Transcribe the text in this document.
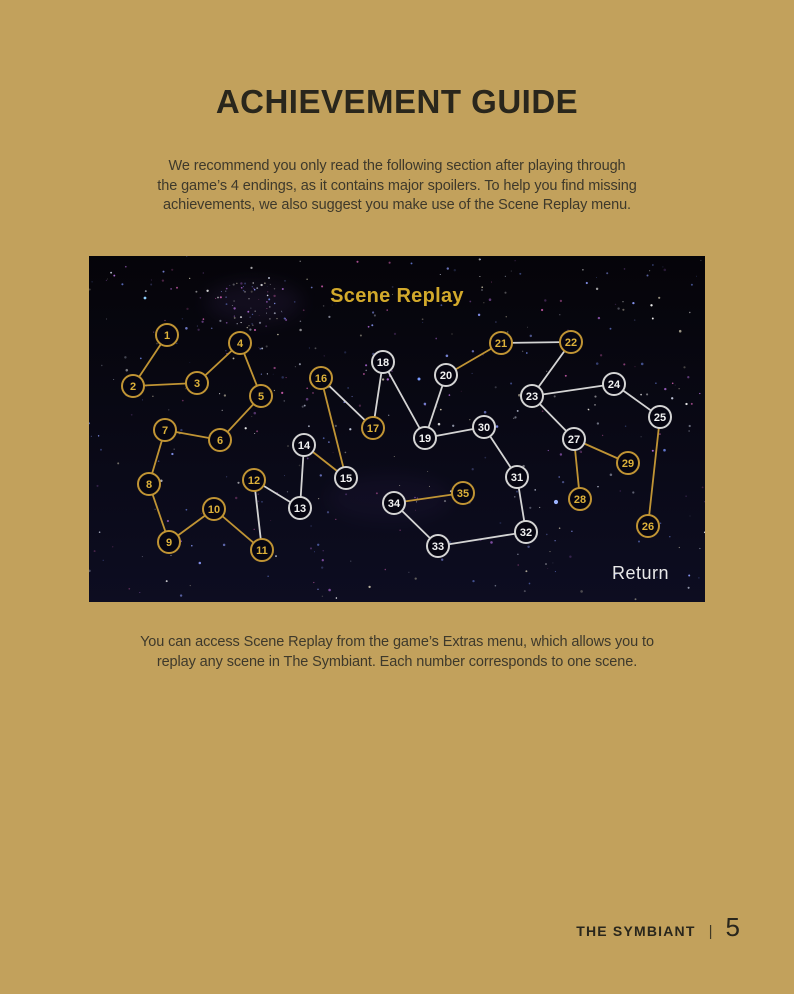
ACHIEVEMENT GUIDE
We recommend you only read the following section after playing through
the game’s 4 endings, as it contains major spoilers. To help you find missing
achievements, we also suggest you make use of the Scene Replay menu.
1
2	3
4
5
6
7
8
9
10
11
12
13
14
15
16
17
18
19
20
21	22
23
24
25
26
27
28
29
30
31
32
33
34
35
Scene Replay
Return
You can access Scene Replay from the game’s Extras menu, which allows you to
replay any scene in The Symbiant. Each number corresponds to one scene.
THE SYMBIANT | 5
